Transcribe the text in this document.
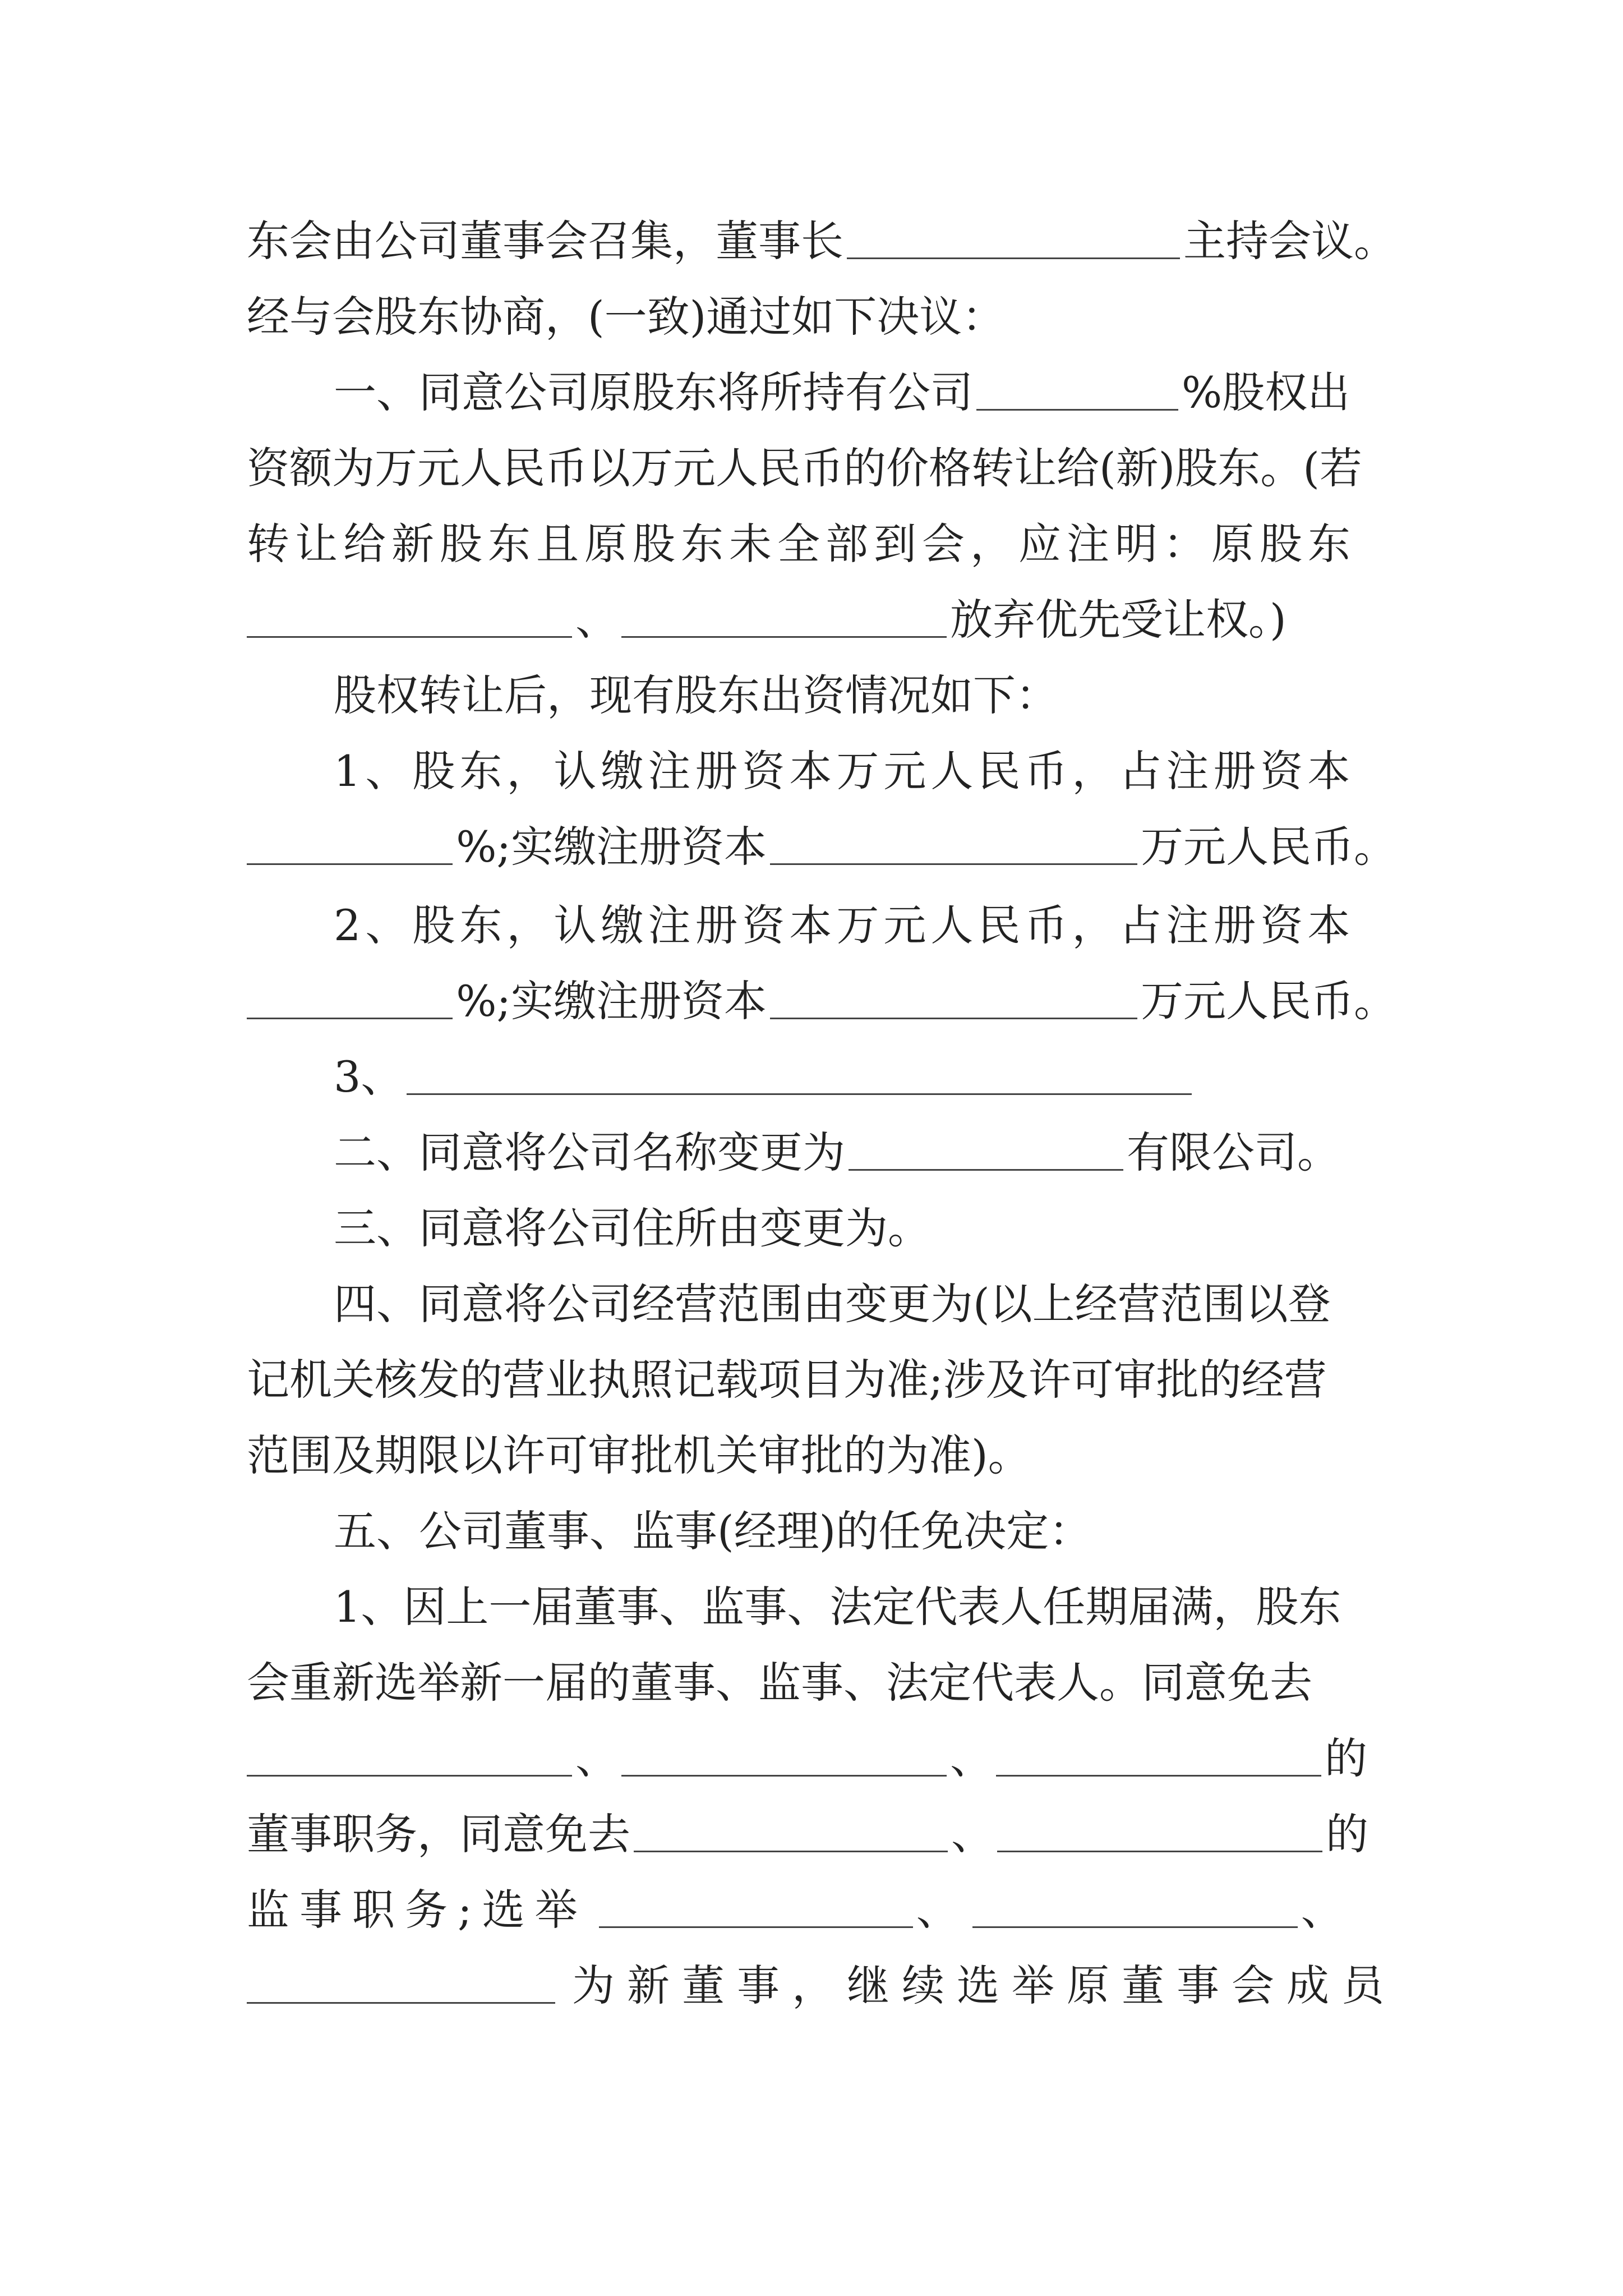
东会由公司董事会召集，董事长	主持会议。
经与会股东协商，(一致)通过如下决议：
一、同意公司原股东将所持有公司	%股权出
资额为万元人民币以万元人民币的价格转让给(新)股东。(若
转让给新股东且原股东未全部到会，应注明：原股东
、	放弃优先受让权。)
股权转让后，现有股东出资情况如下：
1、股东，认缴注册资本万元人民币，占注册资本
%;实缴注册资本	万元人民币。
2、股东，认缴注册资本万元人民币，占注册资本
%;实缴注册资本	万元人民币。
3、
二、同意将公司名称变更为	有限公司。
三、同意将公司住所由变更为。
四、同意将公司经营范围由变更为(以上经营范围以登
记机关核发的营业执照记载项目为准;涉及许可审批的经营
范围及期限以许可审批机关审批的为准)。
五、公司董事、监事(经理)的任免决定：
1、因上一届董事、监事、法定代表人任期届满，股东
会重新选举新一届的董事、监事、法定代表人。同意免去
、	、	的
董事职务，同意免去	、	的
监事职务;选举	、	、
为新董事，继续选举原董事会成员
